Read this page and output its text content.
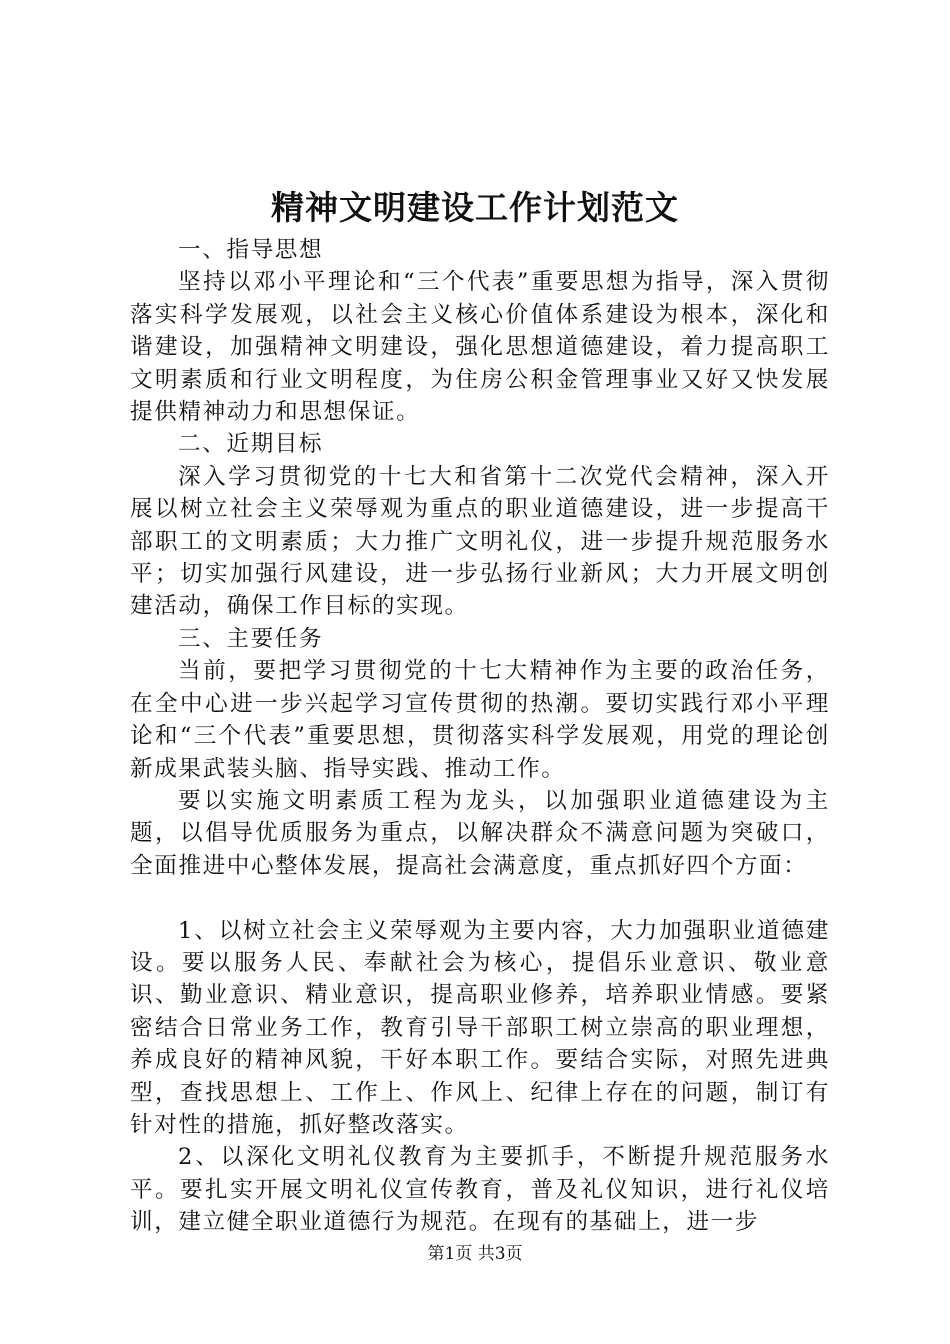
精神文明建设工作计划范文

一、指导思想

坚持以邓小平理论和“三个代表”重要思想为指导，深入贯彻落实科学发展观，以社会主义核心价值体系建设为根本，深化和谐建设，加强精神文明建设，强化思想道德建设，着力提高职工文明素质和行业文明程度，为住房公积金管理事业又好又快发展提供精神动力和思想保证。

二、近期目标

深入学习贯彻党的十七大和省第十二次党代会精神，深入开展以树立社会主义荣辱观为重点的职业道德建设，进一步提高干部职工的文明素质；大力推广文明礼仪，进一步提升规范服务水平；切实加强行风建设，进一步弘扬行业新风；大力开展文明创建活动，确保工作目标的实现。

三、主要任务

当前，要把学习贯彻党的十七大精神作为主要的政治任务，在全中心进一步兴起学习宣传贯彻的热潮。要切实践行邓小平理论和“三个代表”重要思想，贯彻落实科学发展观，用党的理论创新成果武装头脑、指导实践、推动工作。

要以实施文明素质工程为龙头，以加强职业道德建设为主题，以倡导优质服务为重点，以解决群众不满意问题为突破口，全面推进中心整体发展，提高社会满意度，重点抓好四个方面：

1、以树立社会主义荣辱观为主要内容，大力加强职业道德建设。要以服务人民、奉献社会为核心，提倡乐业意识、敬业意识、勤业意识、精业意识，提高职业修养，培养职业情感。要紧密结合日常业务工作，教育引导干部职工树立崇高的职业理想，养成良好的精神风貌，干好本职工作。要结合实际，对照先进典型，查找思想上、工作上、作风上、纪律上存在的问题，制订有针对性的措施，抓好整改落实。

2、以深化文明礼仪教育为主要抓手，不断提升规范服务水平。要扎实开展文明礼仪宣传教育，普及礼仪知识，进行礼仪培训，建立健全职业道德行为规范。在现有的基础上，进一步

第1页 共3页
